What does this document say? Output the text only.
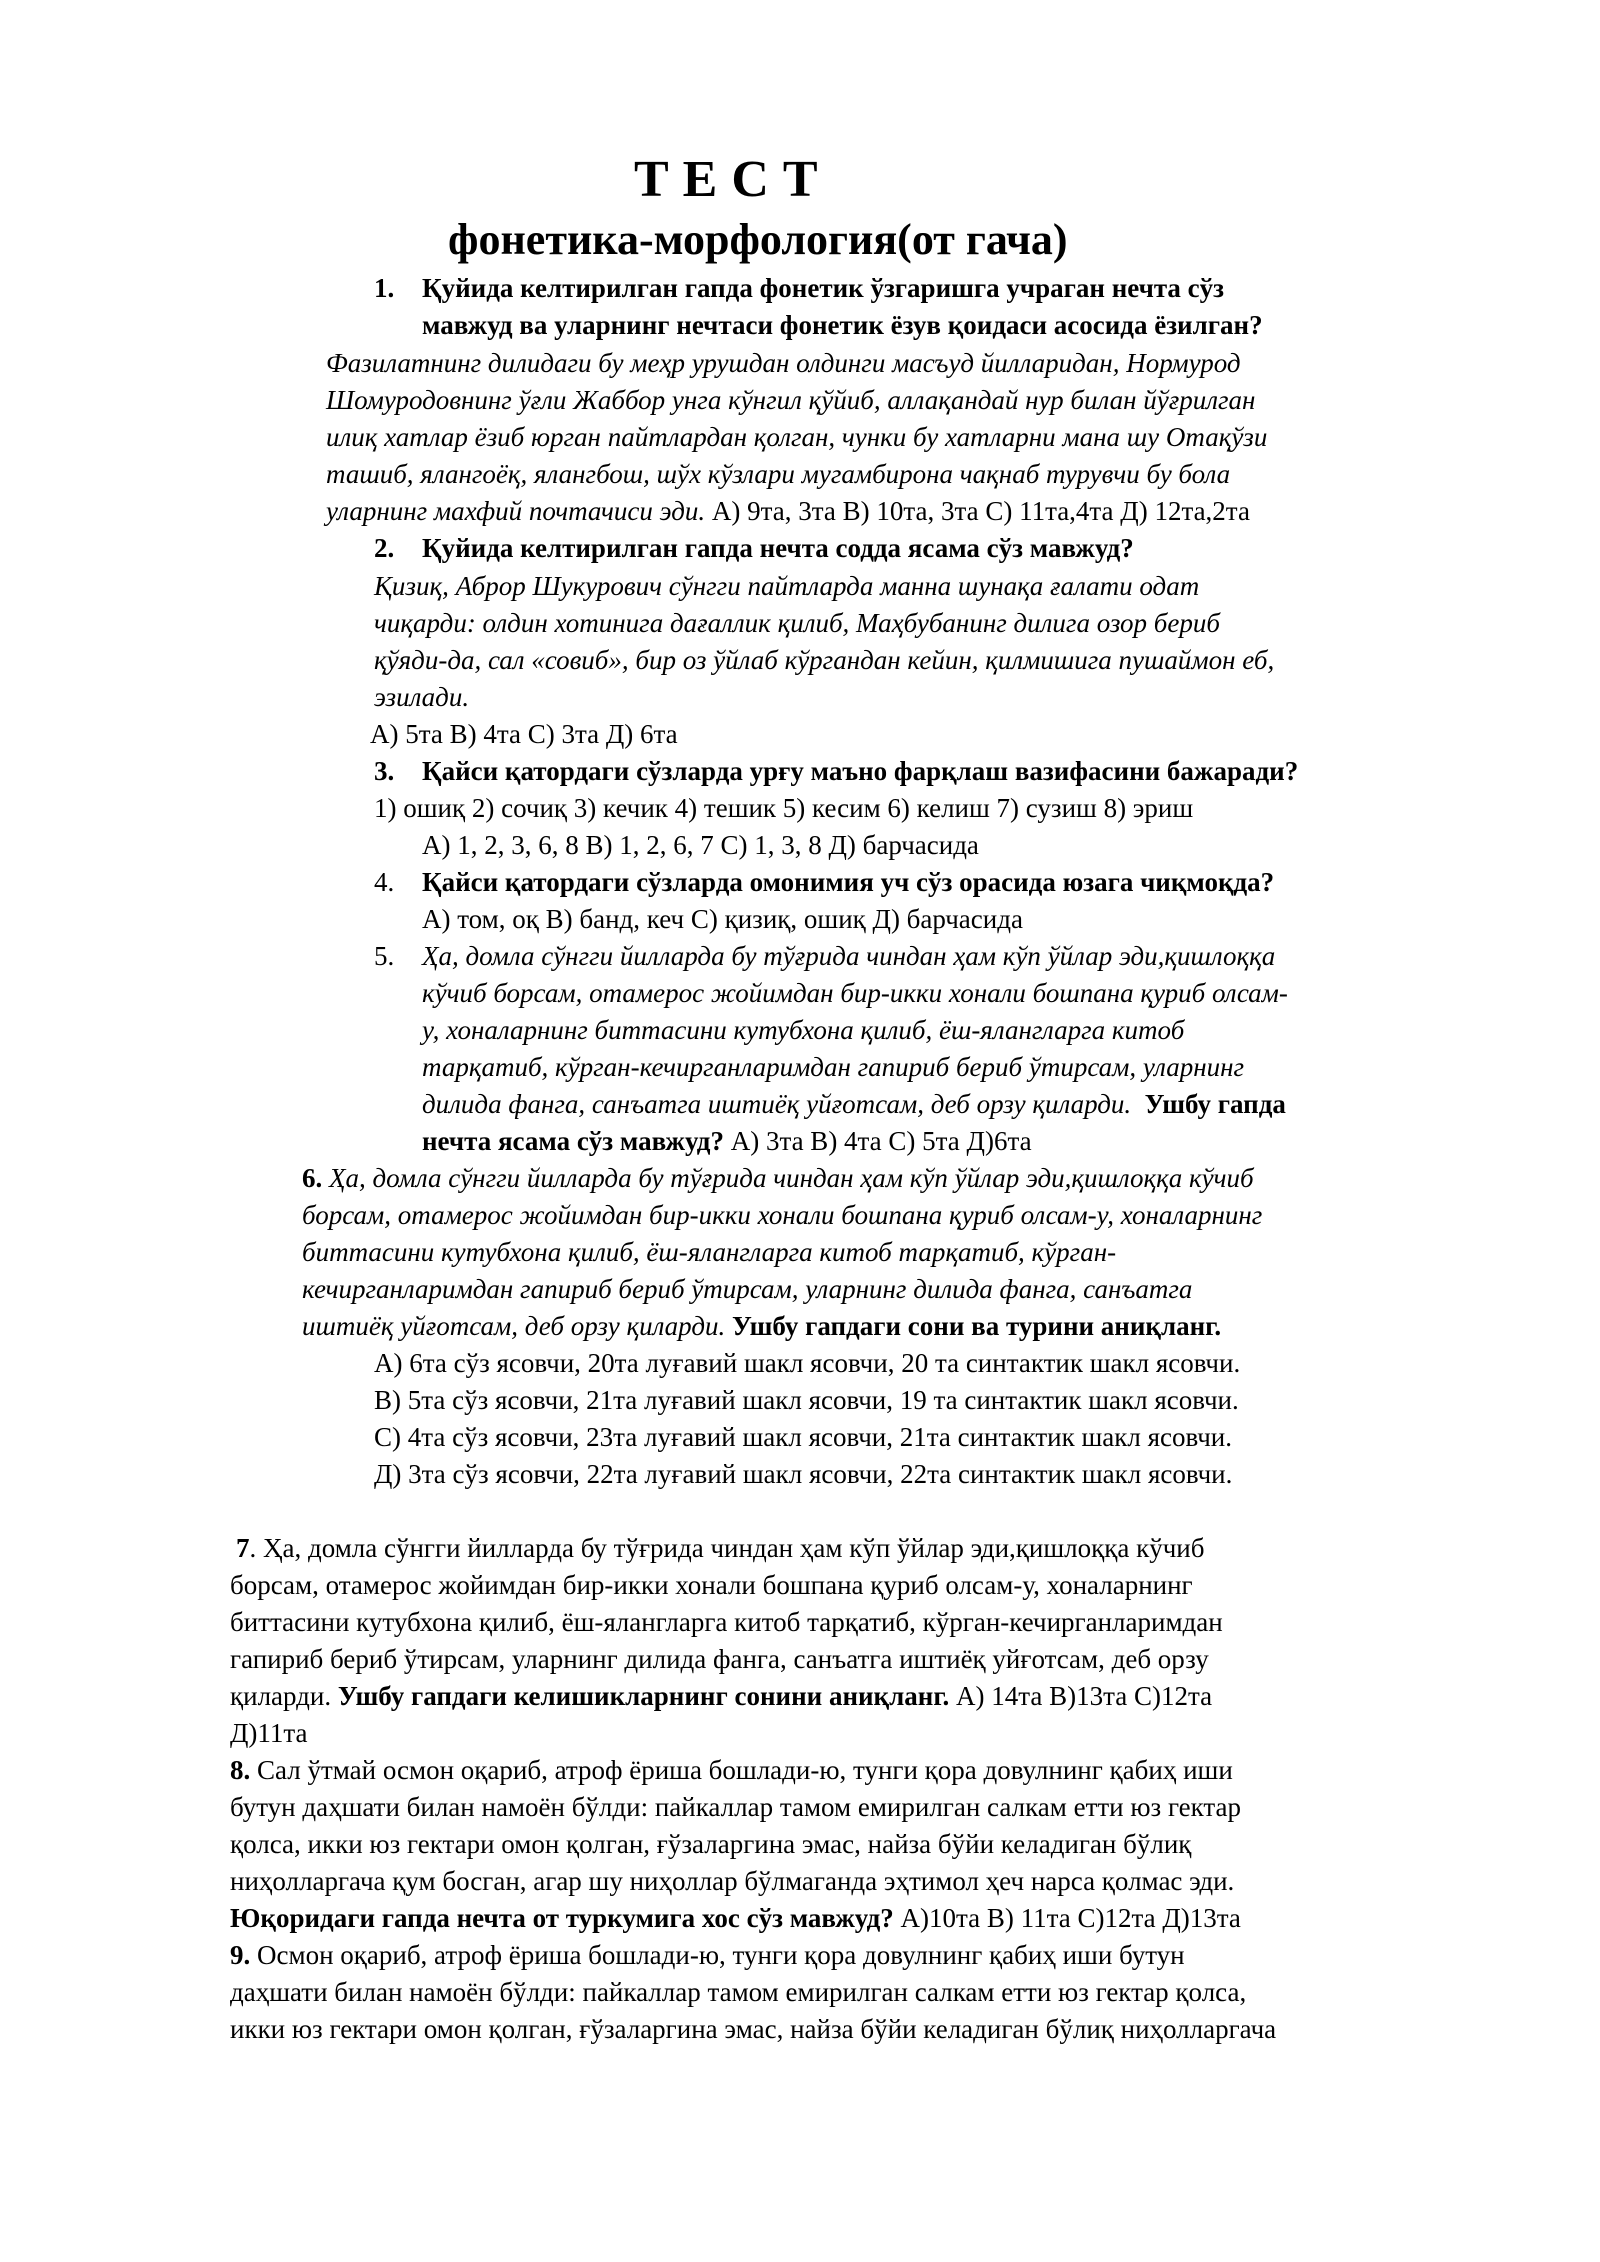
ТЕСТ
фонетика-морфология(от гача)
1. Қуйида келтирилган гапда фонетик ўзгаришга учраган нечта сўз
мавжуд ва уларнинг нечтаси фонетик ёзув қоидаси асосида ёзилган?
Фазилатнинг дилидаги бу меҳр урушдан олдинги масъуд йилларидан, Нормурод
Шомуродовнинг ўғли Жаббор унга кўнгил қўйиб, аллақандай нур билан йўғрилган
илиқ хатлар ёзиб юрган пайтлардан қолган, чунки бу хатларни мана шу Отақўзи
ташиб, ялангоёқ, ялангбош, шўх кўзлари мугамбирона чақнаб турувчи бу бола
уларнинг махфий почтачиси эди. А) 9та, 3та В) 10та, 3та С) 11та,4та Д) 12та,2та
2. Қуйида келтирилган гапда нечта содда ясама сўз мавжуд?
Қизиқ, Аброр Шукурович сўнгги пайтларда манна шунақа ғалати одат
чиқарди: олдин хотинига дағаллик қилиб, Маҳбубанинг дилига озор бериб
қўяди-да, сал «совиб», бир оз ўйлаб кўргандан кейин, қилмишига пушаймон еб,
эзилади.
А) 5та В) 4та С) 3та Д) 6та
3. Қайси қатордаги сўзларда урғу маъно фарқлаш вазифасини бажаради?
1) ошиқ 2) сочиқ 3) кечик 4) тешик 5) кесим 6) келиш 7) сузиш 8) эриш
А) 1, 2, 3, 6, 8 В) 1, 2, 6, 7 С) 1, 3, 8 Д) барчасида
4. Қайси қатордаги сўзларда омонимия уч сўз орасида юзага чиқмоқда?
А) том, оқ В) банд, кеч С) қизиқ, ошиқ Д) барчасида
5. Ҳа, домла сўнгги йилларда бу тўғрида чиндан ҳам кўп ўйлар эди,қишлоққа
кўчиб борсам, отамерос жойимдан бир-икки хонали бошпана қуриб олсам-
у, хоналарнинг биттасини кутубхона қилиб, ёш-ялангларга китоб
тарқатиб, кўрган-кечирганларимдан гапириб бериб ўтирсам, уларнинг
дилида фанга, санъатга иштиёқ уйғотсам, деб орзу қиларди. Ушбу гапда
нечта ясама сўз мавжуд? А) 3та В) 4та С) 5та Д)6та
6. Ҳа, домла сўнгги йилларда бу тўғрида чиндан ҳам кўп ўйлар эди,қишлоққа кўчиб
борсам, отамерос жойимдан бир-икки хонали бошпана қуриб олсам-у, хоналарнинг
биттасини кутубхона қилиб, ёш-ялангларга китоб тарқатиб, кўрган-
кечирганларимдан гапириб бериб ўтирсам, уларнинг дилида фанга, санъатга
иштиёқ уйғотсам, деб орзу қиларди. Ушбу гапдаги сони ва турини аниқланг.
А) 6та сўз ясовчи, 20та луғавий шакл ясовчи, 20 та синтактик шакл ясовчи.
В) 5та сўз ясовчи, 21та луғавий шакл ясовчи, 19 та синтактик шакл ясовчи.
С) 4та сўз ясовчи, 23та луғавий шакл ясовчи, 21та синтактик шакл ясовчи.
Д) 3та сўз ясовчи, 22та луғавий шакл ясовчи, 22та синтактик шакл ясовчи.
7. Ҳа, домла сўнгги йилларда бу тўғрида чиндан ҳам кўп ўйлар эди,қишлоққа кўчиб
борсам, отамерос жойимдан бир-икки хонали бошпана қуриб олсам-у, хоналарнинг
биттасини кутубхона қилиб, ёш-ялангларга китоб тарқатиб, кўрган-кечирганларимдан
гапириб бериб ўтирсам, уларнинг дилида фанга, санъатга иштиёқ уйғотсам, деб орзу
қиларди. Ушбу гапдаги келишикларнинг сонини аниқланг. А) 14та В)13та С)12та
Д)11та
8. Сал ўтмай осмон оқариб, атроф ёриша бошлади-ю, тунги қора довулнинг қабиҳ иши
бутун даҳшати билан намоён бўлди: пайкаллар тамом емирилган салкам етти юз гектар
қолса, икки юз гектари омон қолган, ғўзаларгина эмас, найза бўйи келадиган бўлиқ
ниҳолларгача қум босган, агар шу ниҳоллар бўлмаганда эҳтимол ҳеч нарса қолмас эди.
Юқоридаги гапда нечта от туркумига хос сўз мавжуд? А)10та В) 11та С)12та Д)13та
9. Осмон оқариб, атроф ёриша бошлади-ю, тунги қора довулнинг қабиҳ иши бутун
даҳшати билан намоён бўлди: пайкаллар тамом емирилган салкам етти юз гектар қолса,
икки юз гектари омон қолган, ғўзаларгина эмас, найза бўйи келадиган бўлиқ ниҳолларгача
